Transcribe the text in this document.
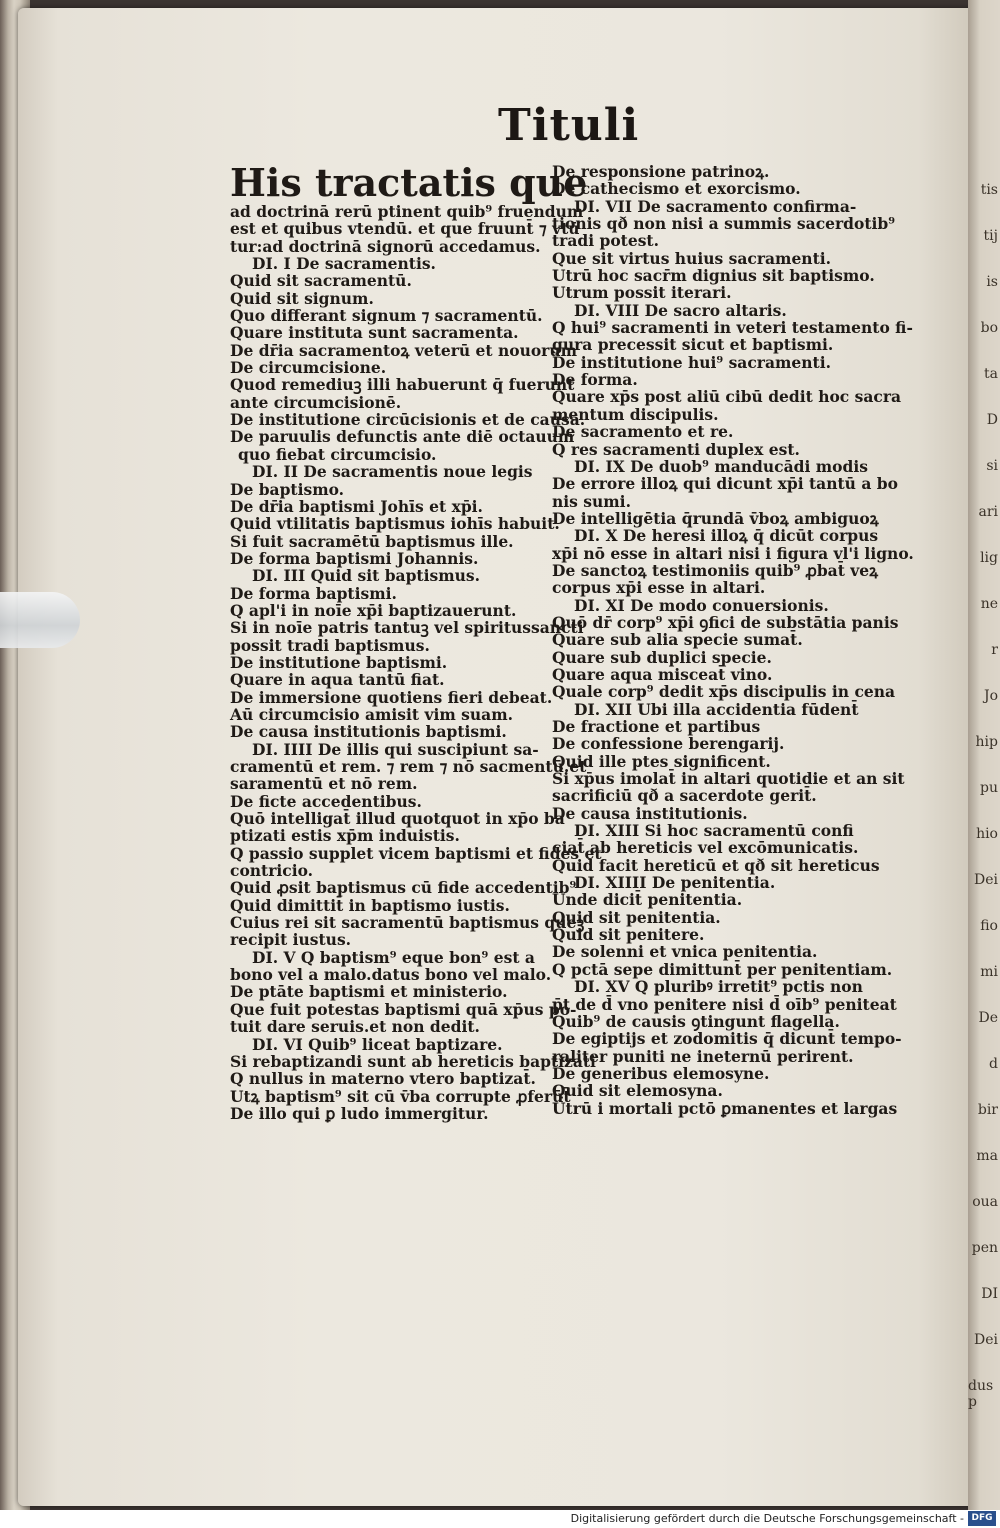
tis
tij
is
bo
ta
D
si
ari
lig
ne
r
Jo
hip
pu
hio
Dei
fio
mi
De
d
bir
ma
oua
pen
DI
Dei
dus p
Tituli
His tractatis que
ad doctrinā rerū ptinent quib⁹ fruendum
est et quibus vtendū. et que fruunt̄ ⁊ vtū
tur:ad doctrinā signorū accedamus.
DI. I De sacramentis.
Quid sit sacramentū.
Quid sit signum.
Quo differant signum ⁊ sacramentū.
Quare instituta sunt sacramenta.
De dr̄ia sacramentoꝝ veterū et nouorum
De circumcisione.
Quod remediuꝫ illi habuerunt q̄ fuerunt
ante circumcisionē.
De institutione circūcisionis et de causa.
De paruulis defunctis ante diē octauum
quo fiebat circumcisio.
DI. II De sacramentis noue legis
De baptismo.
De dr̄ia baptismi Johīs et xp̄i.
Quid vtilitatis baptismus iohīs habuit.
Si fuit sacramētū baptismus ille.
De forma baptismi Johannis.
DI. III Quid sit baptismus.
De forma baptismi.
Q apl'i in noīe xp̄i baptizauerunt.
Si in noīe patris tantuꝫ vel spiritussancti
possit tradi baptismus.
De institutione baptismi.
Quare in aqua tantū fiat.
De immersione quotiens fieri debeat.
Aū circumcisio amisit vim suam.
De causa institutionis baptismi.
DI. IIII De illis qui suscipiunt sa-
cramentū et rem. ⁊ rem ⁊ nō sacmentū.et
saramentū et nō rem.
De ficte accedentibus.
Quō intelligat̄ illud quotquot in xp̄o ba
ptizati estis xp̄m induistis.
Q passio supplet vicem baptismi et fides et
contricio.
Quid ꝓsit baptismus cū fide accedentib⁹
Quid dimittit̄ in baptismo iustis.
Cuius rei sit sacramentū baptismus queꝫ
recipit iustus.
DI. V Q baptism⁹ eque bon⁹ est a
bono vel a malo.datus bono vel malo.
De ptāte baptismi et ministerio.
Que fuit potestas baptismi quā xp̄us po-
tuit dare seruis.et non dedit.
DI. VI Quib⁹ liceat baptizare.
Si rebaptizandi sunt ab hereticis baptizati
Q nullus in materno vtero baptizat̄.
Utꝝ baptism⁹ sit cū v̄ba corrupte ꝓferūt̄
De illo qui ꝑ ludo immergitur.
De responsione patrinoꝝ.
De cathecismo et exorcismo.
DI. VII De sacramento confirma-
tionis qð non nisi a summis sacerdotib⁹
tradi potest.
Que sit virtus huius sacramenti.
Utrū hoc sacr̄m dignius sit baptismo.
Utrum possit iterari.
DI. VIII De sacro altaris.
Q hui⁹ sacramenti in veteri testamento fi-
gura precessit sicut et baptismi.
De institutione hui⁹ sacramenti.
De forma.
Quare xp̄s post aliū cibū dedit hoc sacra
mentum discipulis.
De sacramento et re.
Q res sacramenti duplex est.
DI. IX De duob⁹ manducādi modis
De errore illoꝝ qui dicunt xp̄i tantū a bo
nis sumi.
De intelligētia q̄rundā v̄boꝝ ambiguoꝝ
DI. X De heresi illoꝝ q̄ dicūt corpus
xp̄i nō esse in altari nisi i figura vl'i ligno.
De sanctoꝝ testimoniis quib⁹ ꝓbat̄ veꝝ
corpus xp̄i esse in altari.
DI. XI De modo conuersionis.
Quō dr̄ corp⁹ xp̄i ꝯfici de substātia panis
Quare sub alia specie sumat̄.
Quare sub duplici specie.
Quare aqua misceat̄ vino.
Quale corp⁹ dedit xp̄s discipulis in cena
DI. XII Ubi illa accidentia fūdent̄
De fractione et partibus
De confessione berengarij.
Quid ille ptes significent.
Si xp̄us imolat̄ in altari quotidie et an sit
sacrificiū qð a sacerdote gerit̄.
De causa institutionis.
DI. XIII Si hoc sacramentū confi
ciat̄ ab hereticis vel excōmunicatis.
Quid facit hereticū et qð sit hereticus
DI. XIIII De penitentia.
Unde dicit̄ penitentia.
Quid sit penitentia.
Quid sit penitere.
De solenni et vnica penitentia.
Q pctā sepe dimittunt̄ per penitentiam.
DI. XV Q pluribꝰ irretit⁹ pctis non
p̄t de d̄ vno penitere nisi d̄ oīb⁹ peniteat
Quib⁹ de causis ꝯtingunt flagella.
De egiptijs et zodomitis q̄ dicunt̄ tempo-
raliter puniti ne ineternū perirent.
De generibus elemosyne.
Quid sit elemosyna.
Utrū i mortali pctō ꝑmanentes et largas
Digitalisierung gefördert durch die Deutsche Forschungsgemeinschaft - DFG
